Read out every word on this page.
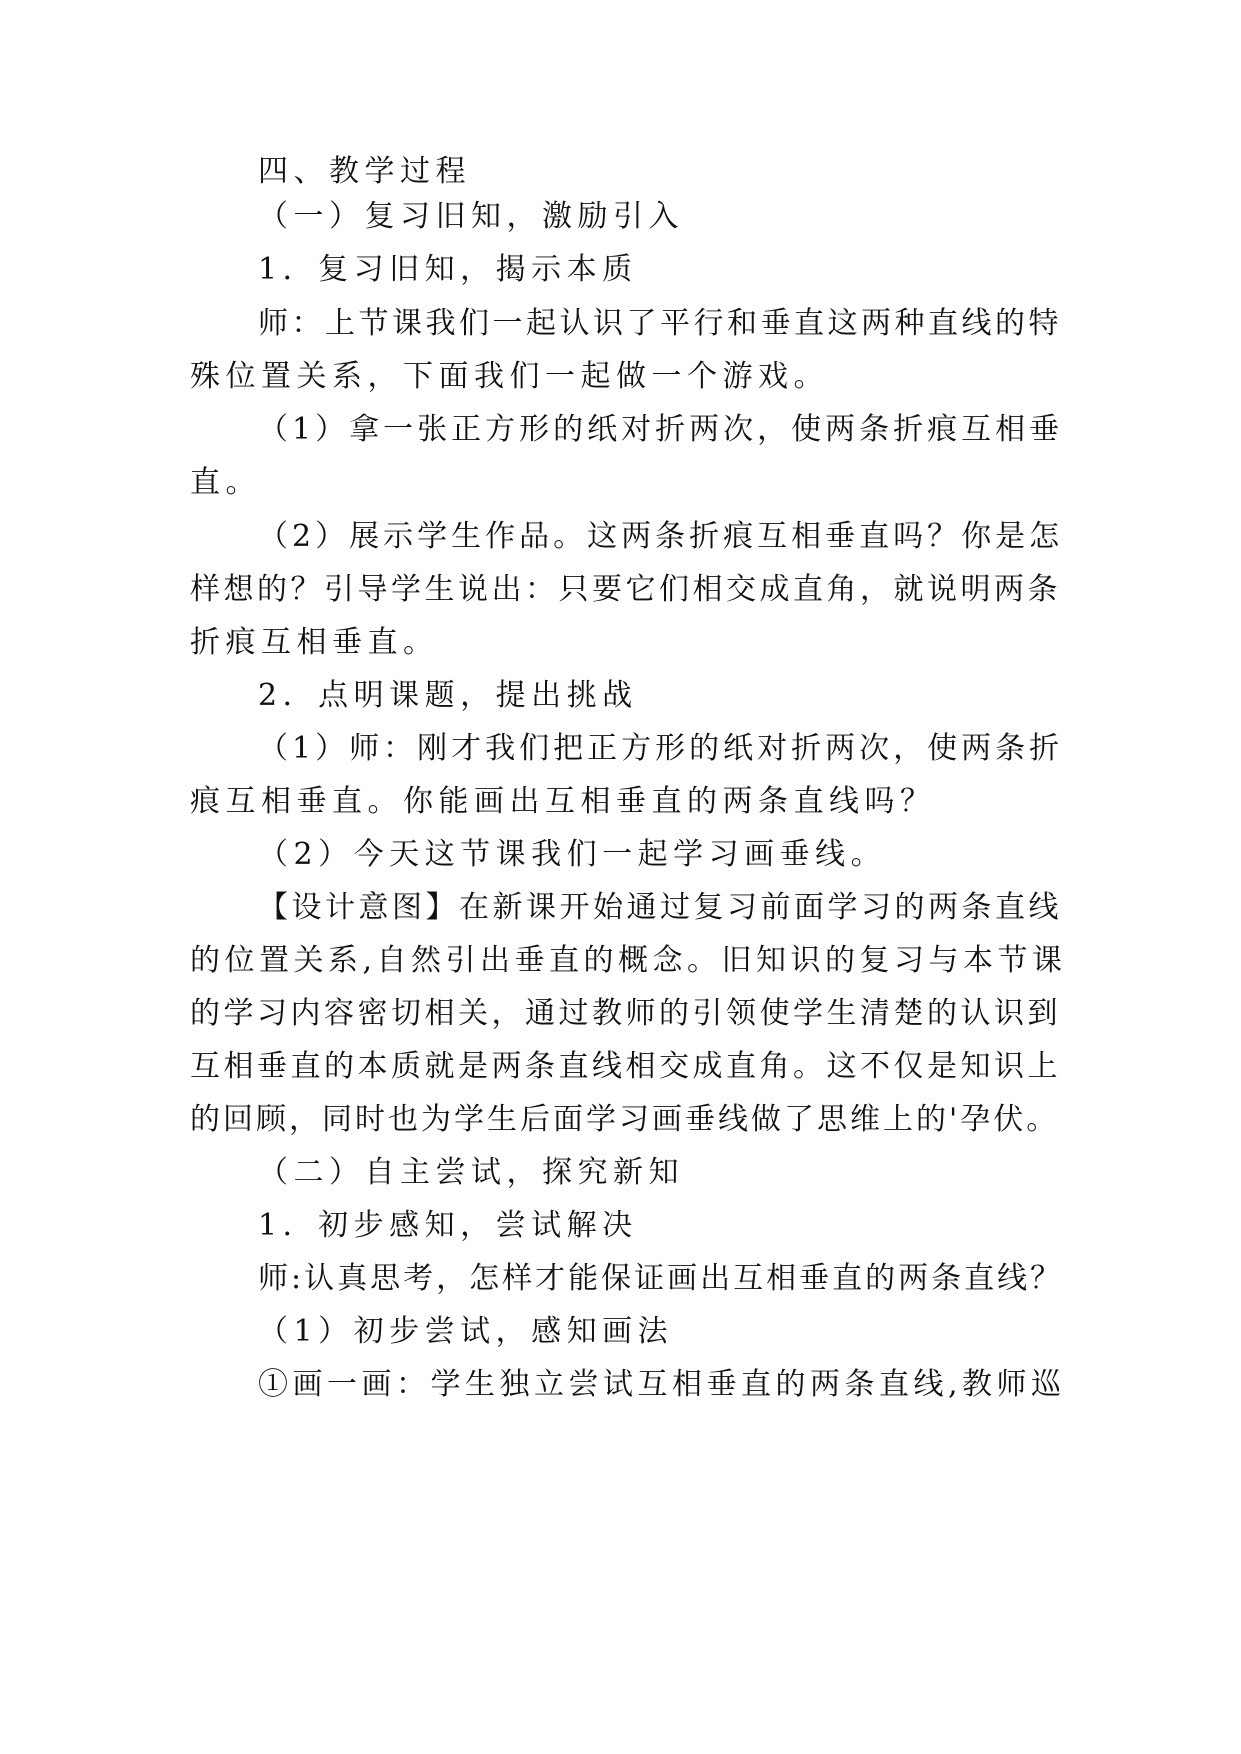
四、教学过程
（一）复习旧知，激励引入
1．复习旧知，揭示本质
师：上节课我们一起认识了平行和垂直这两种直线的特
殊位置关系，下面我们一起做一个游戏。
（1）拿一张正方形的纸对折两次，使两条折痕互相垂
直。
（2）展示学生作品。这两条折痕互相垂直吗？你是怎
样想的？引导学生说出：只要它们相交成直角，就说明两条
折痕互相垂直。
2．点明课题，提出挑战
（1）师：刚才我们把正方形的纸对折两次，使两条折
痕互相垂直。你能画出互相垂直的两条直线吗？
（2）今天这节课我们一起学习画垂线。
【设计意图】在新课开始通过复习前面学习的两条直线
的位置关系,自然引出垂直的概念。旧知识的复习与本节课
的学习内容密切相关，通过教师的引领使学生清楚的认识到
互相垂直的本质就是两条直线相交成直角。这不仅是知识上
的回顾，同时也为学生后面学习画垂线做了思维上的'孕伏。
（二）自主尝试，探究新知
1．初步感知，尝试解决
师:认真思考，怎样才能保证画出互相垂直的两条直线？
（1）初步尝试，感知画法
①画一画：学生独立尝试互相垂直的两条直线,教师巡
